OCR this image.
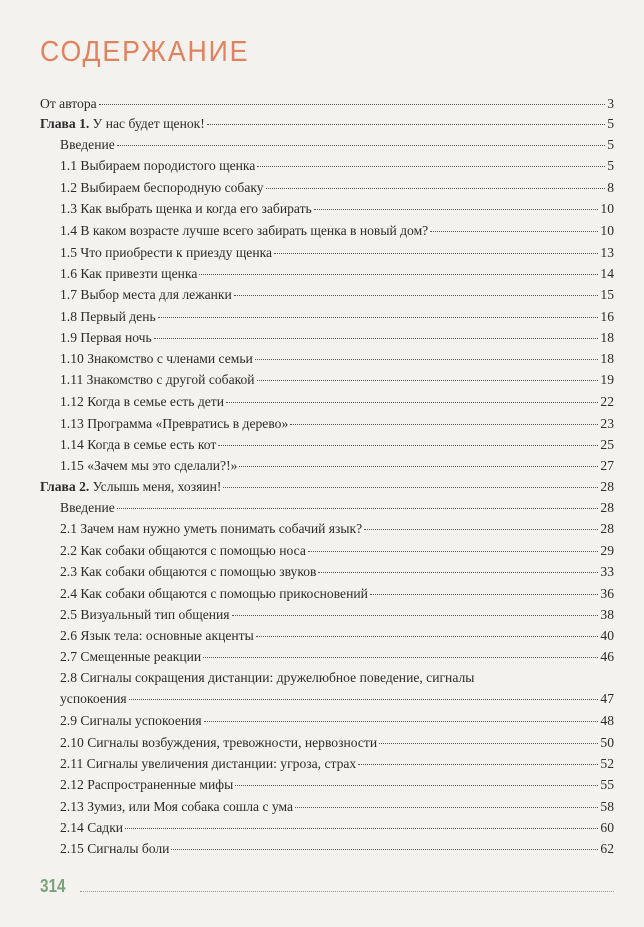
СОДЕРЖАНИЕ
От автора	3
Глава 1. У нас будет щенок!	5
Введение	5
1.1 Выбираем породистого щенка	5
1.2 Выбираем беспородную собаку	8
1.3 Как выбрать щенка и когда его забирать	10
1.4 В каком возрасте лучше всего забирать щенка в новый дом?	10
1.5 Что приобрести к приезду щенка	13
1.6 Как привезти щенка	14
1.7 Выбор места для лежанки	15
1.8 Первый день	16
1.9 Первая ночь	18
1.10 Знакомство с членами семьи	18
1.11 Знакомство с другой собакой	19
1.12 Когда в семье есть дети	22
1.13 Программа «Превратись в дерево»	23
1.14 Когда в семье есть кот	25
1.15 «Зачем мы это сделали?!»	27
Глава 2. Услышь меня, хозяин!	28
Введение	28
2.1 Зачем нам нужно уметь понимать собачий язык?	28
2.2 Как собаки общаются с помощью носа	29
2.3 Как собаки общаются с помощью звуков	33
2.4 Как собаки общаются с помощью прикосновений	36
2.5 Визуальный тип общения	38
2.6 Язык тела: основные акценты	40
2.7 Смещенные реакции	46
2.8 Сигналы сокращения дистанции: дружелюбное поведение, сигналы
успокоения	47
2.9 Сигналы успокоения	48
2.10 Сигналы возбуждения, тревожности, нервозности	50
2.11 Сигналы увеличения дистанции: угроза, страх	52
2.12 Распространенные мифы	55
2.13 Зумиз, или Моя собака сошла с ума	58
2.14 Садки	60
2.15 Сигналы боли	62
314
